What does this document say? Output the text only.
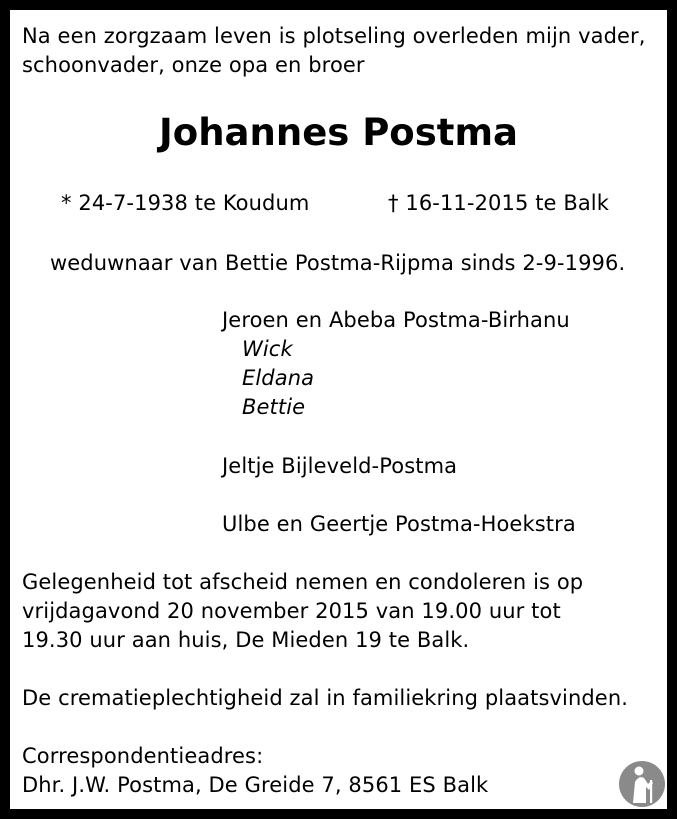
Na een zorgzaam leven is plotseling overleden mijn vader,
schoonvader, onze opa en broer
Johannes Postma
* 24-7-1938 te Koudum	† 16-11-2015 te Balk
weduwnaar van Bettie Postma-Rijpma sinds 2-9-1996.
Jeroen en Abeba Postma-Birhanu
Wick
Eldana
Bettie
Jeltje Bijleveld-Postma
Ulbe en Geertje Postma-Hoekstra
Gelegenheid tot afscheid nemen en condoleren is op
vrijdagavond 20 november 2015 van 19.00 uur tot
19.30 uur aan huis, De Mieden 19 te Balk.
De crematieplechtigheid zal in familiekring plaatsvinden.
Correspondentieadres:
Dhr. J.W. Postma, De Greide 7, 8561 ES Balk
